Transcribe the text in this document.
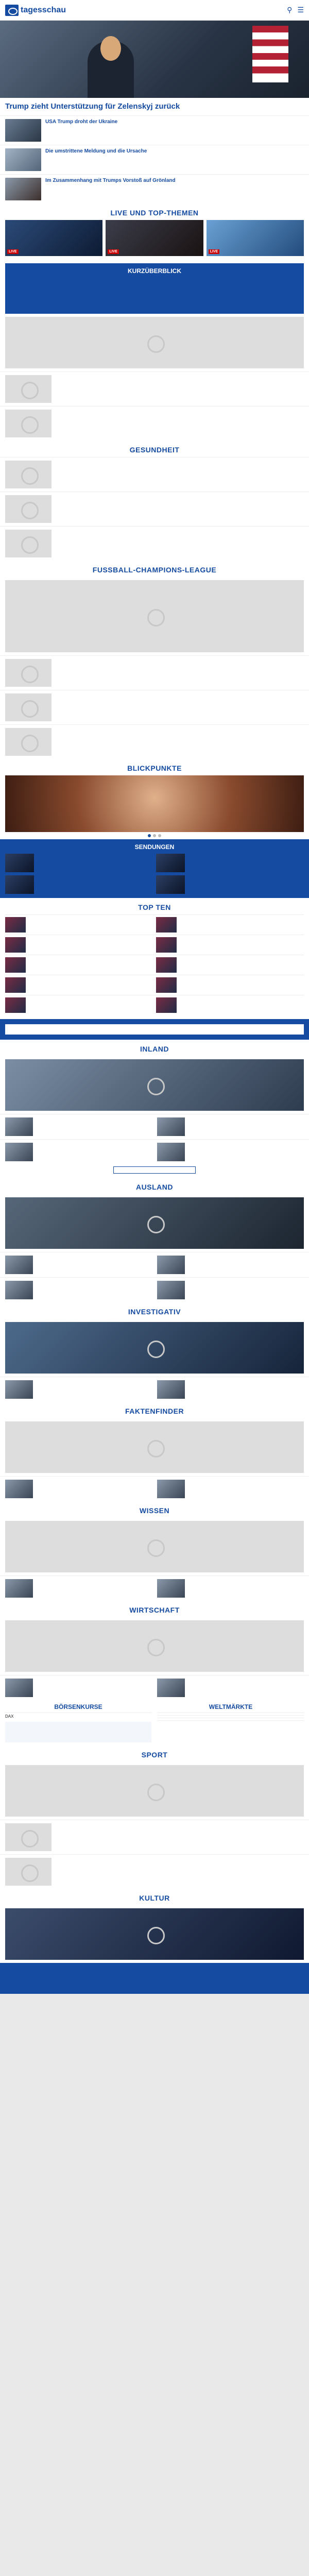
tagesschau	⚲ ☰
Trump zieht Unterstützung für Zelenskyj zurück
USA Trump droht der Ukraine
Die umstrittene Meldung und die Ursache
Im Zusammenhang mit Trumps Vorstoß auf Grönland
LIVE UND TOP-THEMEN
LIVE	LIVE	LIVE
KURZÜBERBLICK
GESUNDHEIT
FUSSBALL-CHAMPIONS-LEAGUE
BLICKPUNKTE
SENDUNGEN
TOP TEN
INLAND
AUSLAND
INVESTIGATIV
FAKTENFINDER
WISSEN
WIRTSCHAFT
BÖRSENKURSE
DAX
WELTMÄRKTE
SPORT
KULTUR
